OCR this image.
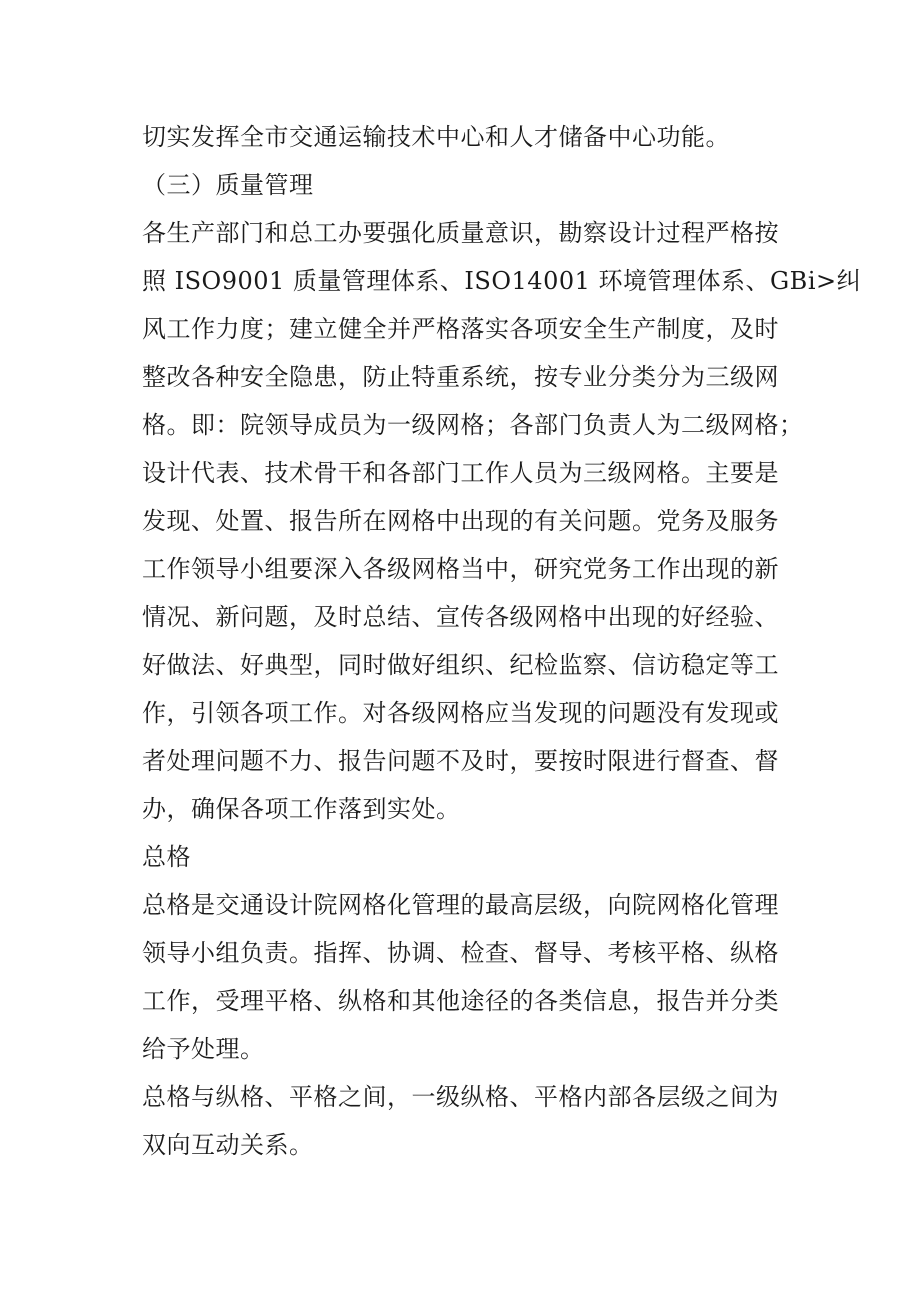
切实发挥全市交通运输技术中心和人才储备中心功能。

（三）质量管理

各生产部门和总工办要强化质量意识，勘察设计过程严格按

照 ISO9001 质量管理体系、ISO14001 环境管理体系、GBi>纠

风工作力度；建立健全并严格落实各项安全生产制度，及时

整改各种安全隐患，防止特重系统，按专业分类分为三级网

格。即：院领导成员为一级网格；各部门负责人为二级网格；

设计代表、技术骨干和各部门工作人员为三级网格。主要是

发现、处置、报告所在网格中出现的有关问题。党务及服务

工作领导小组要深入各级网格当中，研究党务工作出现的新

情况、新问题，及时总结、宣传各级网格中出现的好经验、

好做法、好典型，同时做好组织、纪检监察、信访稳定等工

作，引领各项工作。对各级网格应当发现的问题没有发现或

者处理问题不力、报告问题不及时，要按时限进行督查、督

办，确保各项工作落到实处。

总格

总格是交通设计院网格化管理的最高层级，向院网格化管理

领导小组负责。指挥、协调、检查、督导、考核平格、纵格

工作，受理平格、纵格和其他途径的各类信息，报告并分类

给予处理。

总格与纵格、平格之间，一级纵格、平格内部各层级之间为

双向互动关系。
